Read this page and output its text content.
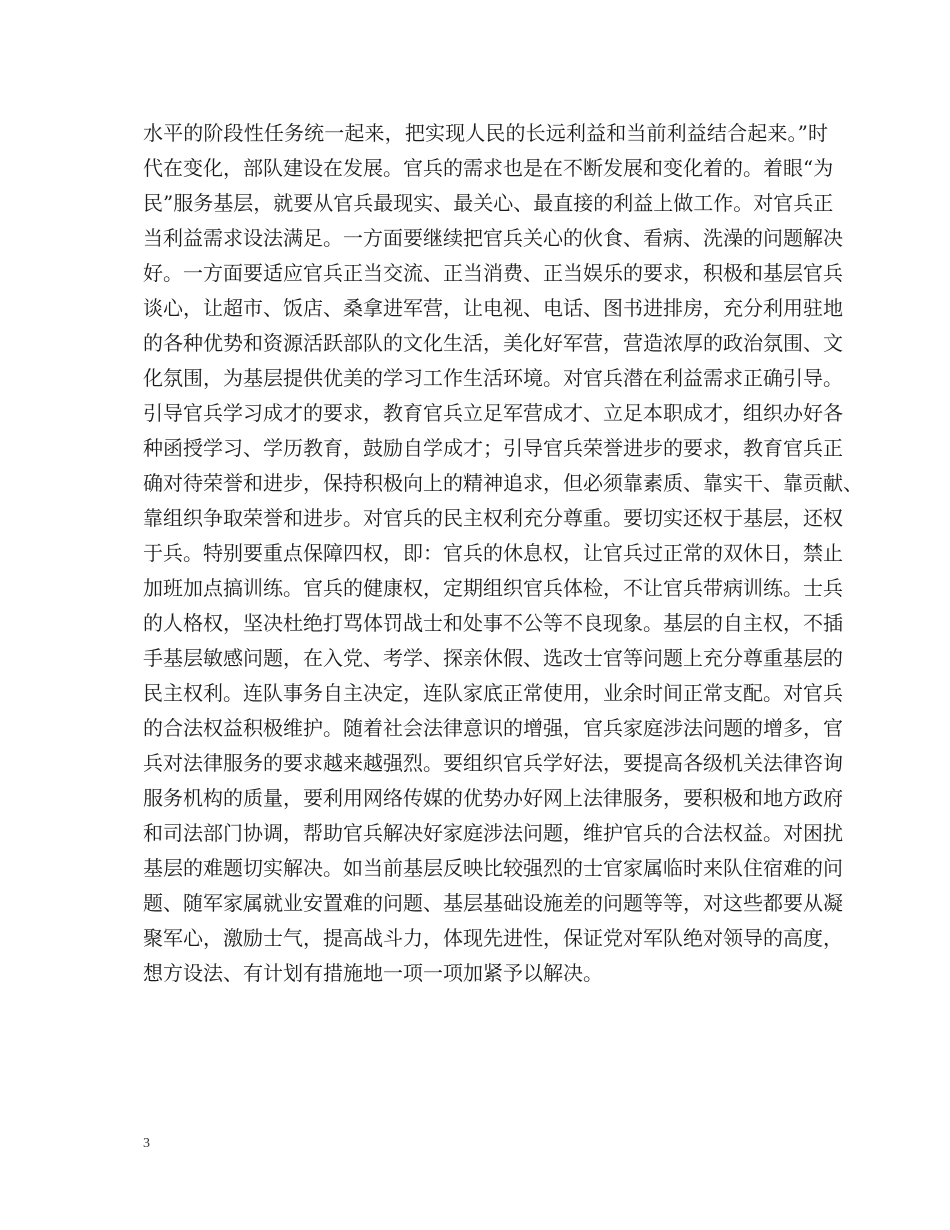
水平的阶段性任务统一起来，把实现人民的长远利益和当前利益结合起来。”时
代在变化，部队建设在发展。官兵的需求也是在不断发展和变化着的。着眼“为
民”服务基层，就要从官兵最现实、最关心、最直接的利益上做工作。对官兵正
当利益需求设法满足。一方面要继续把官兵关心的伙食、看病、洗澡的问题解决
好。一方面要适应官兵正当交流、正当消费、正当娱乐的要求，积极和基层官兵
谈心，让超市、饭店、桑拿进军营，让电视、电话、图书进排房，充分利用驻地
的各种优势和资源活跃部队的文化生活，美化好军营，营造浓厚的政治氛围、文
化氛围，为基层提供优美的学习工作生活环境。对官兵潜在利益需求正确引导。
引导官兵学习成才的要求，教育官兵立足军营成才、立足本职成才，组织办好各
种函授学习、学历教育，鼓励自学成才；引导官兵荣誉进步的要求，教育官兵正
确对待荣誉和进步，保持积极向上的精神追求，但必须靠素质、靠实干、靠贡献、
靠组织争取荣誉和进步。对官兵的民主权利充分尊重。要切实还权于基层，还权
于兵。特别要重点保障四权，即：官兵的休息权，让官兵过正常的双休日，禁止
加班加点搞训练。官兵的健康权，定期组织官兵体检，不让官兵带病训练。士兵
的人格权，坚决杜绝打骂体罚战士和处事不公等不良现象。基层的自主权，不插
手基层敏感问题，在入党、考学、探亲休假、选改士官等问题上充分尊重基层的
民主权利。连队事务自主决定，连队家底正常使用，业余时间正常支配。对官兵
的合法权益积极维护。随着社会法律意识的增强，官兵家庭涉法问题的增多，官
兵对法律服务的要求越来越强烈。要组织官兵学好法，要提高各级机关法律咨询
服务机构的质量，要利用网络传媒的优势办好网上法律服务，要积极和地方政府
和司法部门协调，帮助官兵解决好家庭涉法问题，维护官兵的合法权益。对困扰
基层的难题切实解决。如当前基层反映比较强烈的士官家属临时来队住宿难的问
题、随军家属就业安置难的问题、基层基础设施差的问题等等，对这些都要从凝
聚军心，激励士气，提高战斗力，体现先进性，保证党对军队绝对领导的高度，
想方设法、有计划有措施地一项一项加紧予以解决。
3
